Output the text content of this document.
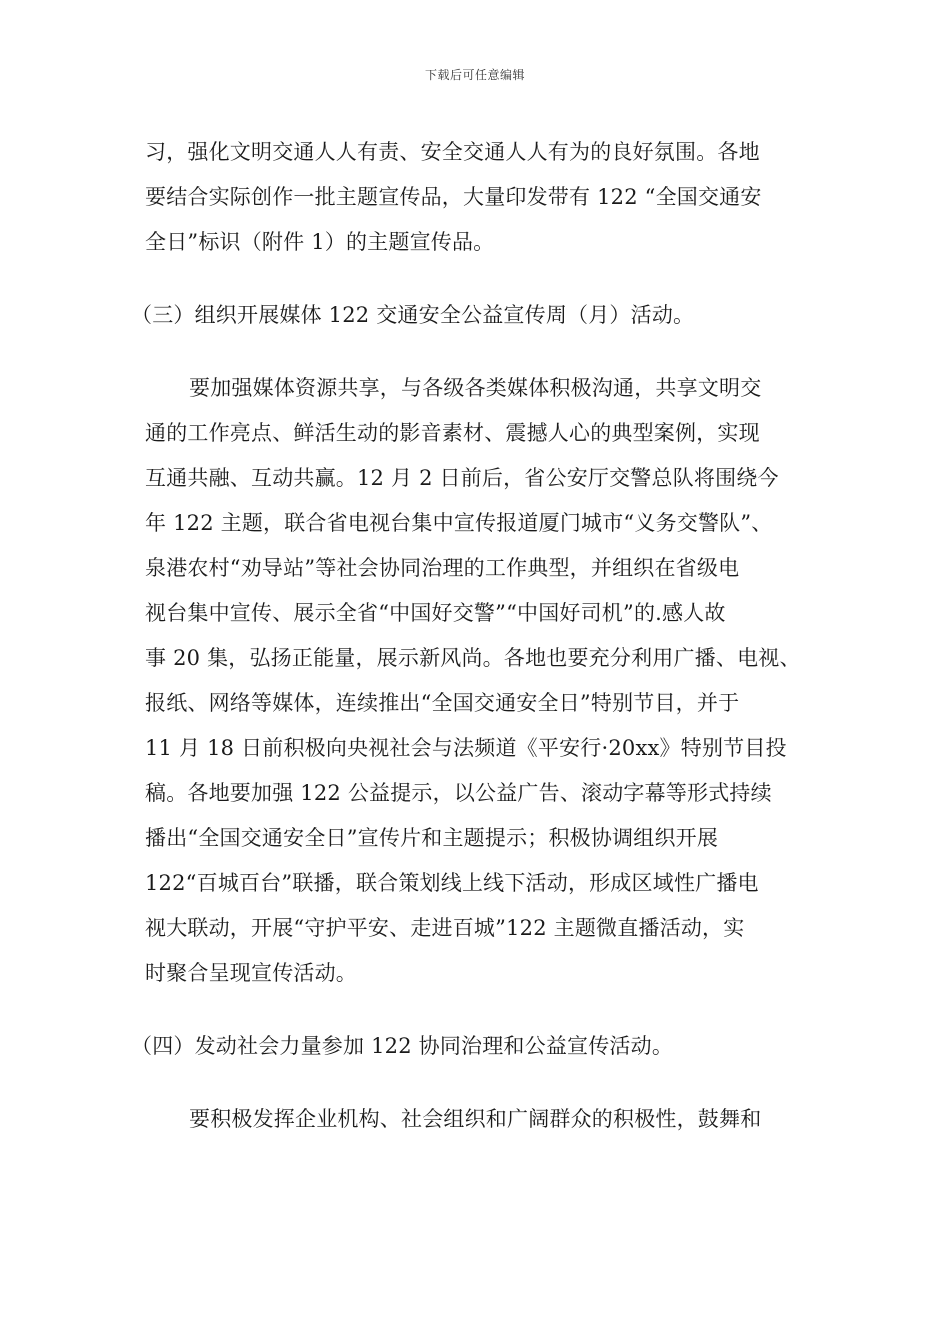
下载后可任意编辑
习，强化文明交通人人有责、安全交通人人有为的良好氛围。各地
要结合实际创作一批主题宣传品，大量印发带有 122 “全国交通安
全日”标识（附件 1）的主题宣传品。
（三）组织开展媒体 122 交通安全公益宣传周（月）活动。
要加强媒体资源共享，与各级各类媒体积极沟通，共享文明交
通的工作亮点、鲜活生动的影音素材、震撼人心的典型案例，实现
互通共融、互动共赢。12 月 2 日前后，省公安厅交警总队将围绕今
年 122 主题，联合省电视台集中宣传报道厦门城市“义务交警队”、
泉港农村“劝导站”等社会协同治理的工作典型，并组织在省级电
视台集中宣传、展示全省“中国好交警”“中国好司机”的.感人故
事 20 集，弘扬正能量，展示新风尚。各地也要充分利用广播、电视、
报纸、网络等媒体，连续推出“全国交通安全日”特别节目，并于
11 月 18 日前积极向央视社会与法频道《平安行·20xx》特别节目投
稿。各地要加强 122 公益提示，以公益广告、滚动字幕等形式持续
播出“全国交通安全日”宣传片和主题提示；积极协调组织开展
122“百城百台”联播，联合策划线上线下活动，形成区域性广播电
视大联动，开展“守护平安、走进百城”122 主题微直播活动，实
时聚合呈现宣传活动。
（四）发动社会力量参加 122 协同治理和公益宣传活动。
要积极发挥企业机构、社会组织和广阔群众的积极性，鼓舞和
